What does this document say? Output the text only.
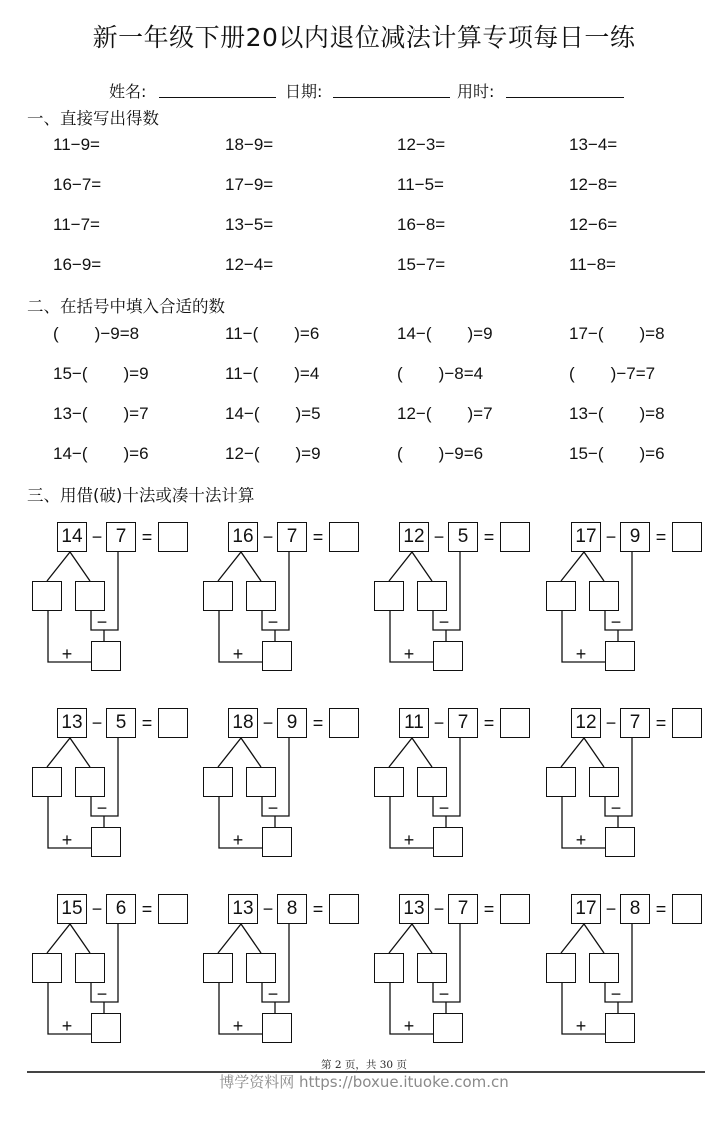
新一年级下册20以内退位减法计算专项每日一练
姓名:	日期:	用时:
一、直接写出得数
11−9=	18−9=	12−3=	13−4=
16−7=	17−9=	11−5=	12−8=
11−7=	13−5=	16−8=	12−6=
16−9=	12−4=	15−7=	11−8=
二、在括号中填入合适的数
( )−9=8	11−( )=6	14−( )=9	17−( )=8
15−( )=9	11−( )=4	( )−8=4	( )−7=7
13−( )=7	14−( )=5	12−( )=7	13−( )=8
14−( )=6	12−( )=9	( )−9=6	15−( )=6
三、用借(破)十法或凑十法计算
14 − 7 =
−
+
16 − 7 =
−
+
12 − 5 =
−
+
17 − 9 =
−
+
13 − 5 =
−
+
18 − 9 =
−
+
11 − 7 =
−
+
12 − 7 =
−
+
15 − 6 =
−
+
13 − 8 =
−
+
13 − 7 =
−
+
17 − 8 =
−
+
第 2 页，共 30 页
博学资料网 https://boxue.ituoke.com.cn
